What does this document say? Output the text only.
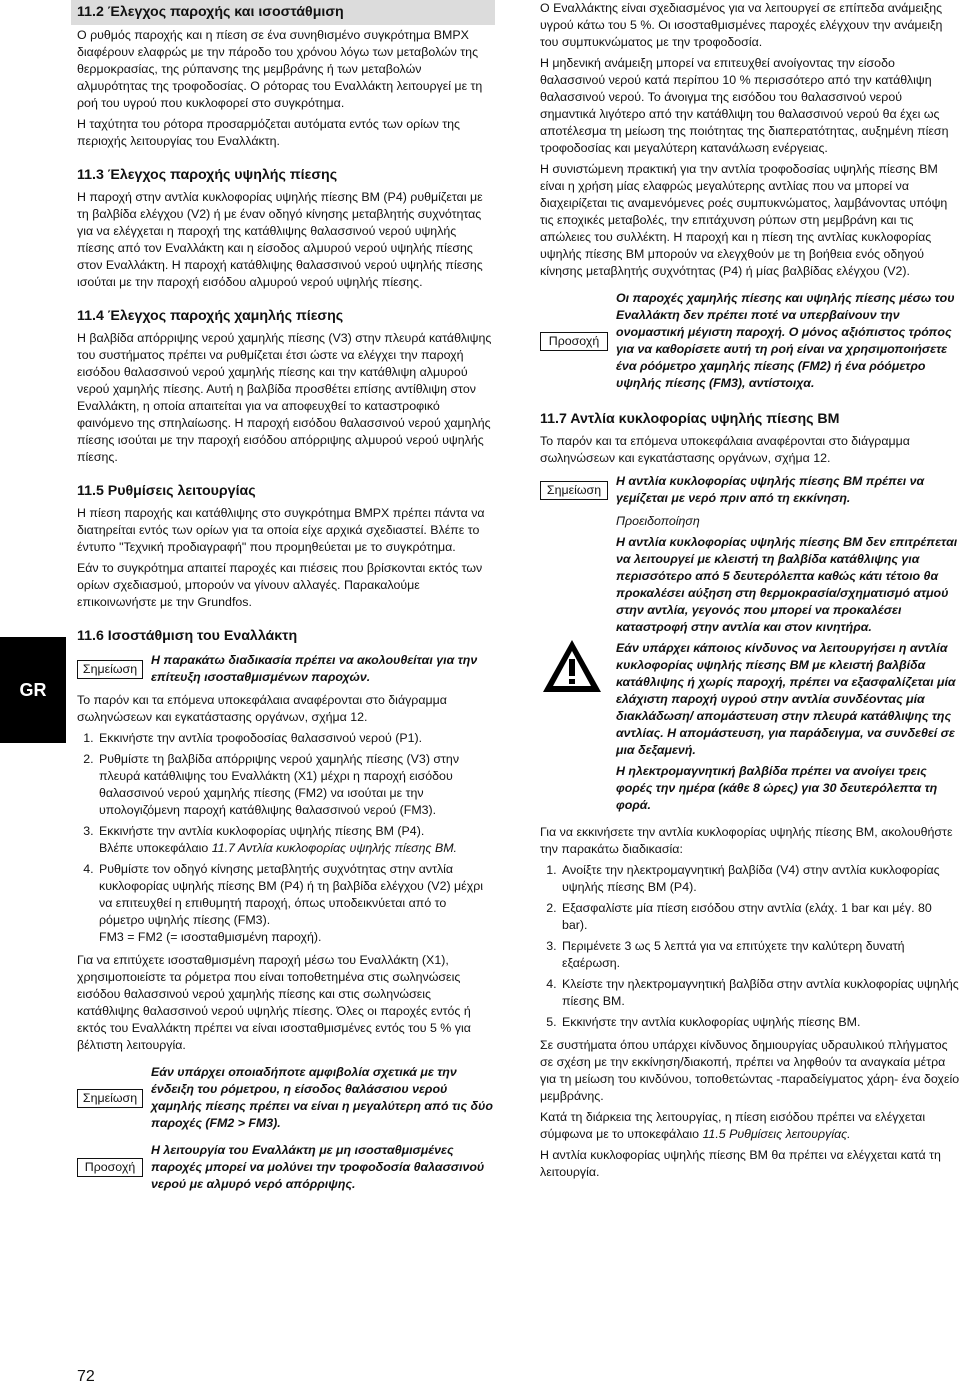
GR
11.2 Έλεγχος παροχής και ισοστάθμιση

Ο ρυθμός παροχής και η πίεση σε ένα συνηθισμένο συγκρότημα BMPX διαφέρουν ελαφρώς με την πάροδο του χρόνου λόγω των μεταβολών της θερμοκρασίας, της ρύπανσης της μεμβράνης ή των μεταβολών αλμυρότητας της τροφοδοσίας. Ο ρότορας του Εναλλάκτη λειτουργεί με τη ροή του υγρού που κυκλοφορεί στο συγκρότημα.

Η ταχύτητα του ρότορα προσαρμόζεται αυτόματα εντός των ορίων της περιοχής λειτουργίας του Εναλλάκτη.

11.3 Έλεγχος παροχής υψηλής πίεσης

Η παροχή στην αντλία κυκλοφορίας υψηλής πίεσης BM (P4) ρυθμίζεται με τη βαλβίδα ελέγχου (V2) ή με έναν οδηγό κίνησης μεταβλητής συχνότητας για να ελέγχεται η παροχή της κατάθλιψης θαλασσινού νερού υψηλής πίεσης από τον Εναλλάκτη και η είσοδος αλμυρού νερού υψηλής πίεσης στον Εναλλάκτη. Η παροχή κατάθλιψης θαλασσινού νερού υψηλής πίεσης ισούται με την παροχή εισόδου αλμυρού νερού υψηλής πίεσης.

11.4 Έλεγχος παροχής χαμηλής πίεσης

Η βαλβίδα απόρριψης νερού χαμηλής πίεσης (V3) στην πλευρά κατάθλιψης του συστήματος πρέπει να ρυθμίζεται έτσι ώστε να ελέγχει την παροχή εισόδου θαλασσινού νερού χαμηλής πίεσης και την κατάθλιψη αλμυρού νερού χαμηλής πίεσης. Αυτή η βαλβίδα προσθέτει επίσης αντίθλιψη στον Εναλλάκτη, η οποία απαιτείται για να αποφευχθεί το καταστροφικό φαινόμενο της σπηλαίωσης. Η παροχή εισόδου θαλασσινού νερού χαμηλής πίεσης ισούται με την παροχή εισόδου απόρριψης αλμυρού νερού υψηλής πίεσης.

11.5 Ρυθμίσεις λειτουργίας

Η πίεση παροχής και κατάθλιψης στο συγκρότημα BMPX πρέπει πάντα να διατηρείται εντός των ορίων για τα οποία είχε αρχικά σχεδιαστεί. Βλέπε το έντυπο "Τεχνική προδιαγραφή" που προμηθεύεται με το συγκρότημα.

Εάν το συγκρότημα απαιτεί παροχές και πιέσεις που βρίσκονται εκτός των ορίων σχεδιασμού, μπορούν να γίνουν αλλαγές. Παρακαλούμε επικοινωνήστε με την Grundfos.

11.6 Ισοστάθμιση του Εναλλάκτη
Σημείωση
Η παρακάτω διαδικασία πρέπει να ακολουθείται για την επίτευξη ισοσταθμισμένων παροχών.

Το παρόν και τα επόμενα υποκεφάλαια αναφέρονται στο διάγραμμα σωληνώσεων και εγκατάστασης οργάνων, σχήμα 12.

1. Εκκινήστε την αντλία τροφοδοσίας θαλασσινού νερού (P1).
2. Ρυθμίστε τη βαλβίδα απόρριψης νερού χαμηλής πίεσης (V3) στην πλευρά κατάθλιψης του Εναλλάκτη (X1) μέχρι η παροχή εισόδου θαλασσινού νερού χαμηλής πίεσης (FM2) να ισούται με την υπολογιζόμενη παροχή κατάθλιψης θαλασσινού νερού (FM3).
3. Εκκινήστε την αντλία κυκλοφορίας υψηλής πίεσης BM (P4).
Βλέπε υποκεφάλαιο 11.7 Αντλία κυκλοφορίας υψηλής πίεσης BM.
4. Ρυθμίστε τον οδηγό κίνησης μεταβλητής συχνότητας στην αντλία κυκλοφορίας υψηλής πίεσης BM (P4) ή τη βαλβίδα ελέγχου (V2) μέχρι να επιτευχθεί η επιθυμητή παροχή, όπως υποδεικνύεται από το ρόμετρο υψηλής πίεσης (FM3).
FM3 = FM2 (= ισοσταθμισμένη παροχή).

Για να επιτύχετε ισοσταθμισμένη παροχή μέσω του Εναλλάκτη (X1), χρησιμοποιείστε τα ρόμετρα που είναι τοποθετημένα στις σωληνώσεις εισόδου θαλασσινού νερού χαμηλής πίεσης και στις σωληνώσεις κατάθλιψης θαλασσινού νερού υψηλής πίεσης. Όλες οι παροχές εντός ή εκτός του Εναλλάκτη πρέπει να είναι ισοσταθμισμένες εντός του 5 % για βέλτιστη λειτουργία.

Σημείωση
Εάν υπάρχει οποιαδήποτε αμφιβολία σχετικά με την ένδειξη του ρόμετρου, η είσοδος θαλάσσιου νερού χαμηλής πίεσης πρέπει να είναι η μεγαλύτερη από τις δύο παροχές (FM2 > FM3).
Προσοχή
Η λειτουργία του Εναλλάκτη με μη ισοσταθμισμένες παροχές μπορεί να μολύνει την τροφοδοσία θαλασσινού νερού με αλμυρό νερό απόρριψης.

Ο Εναλλάκτης είναι σχεδιασμένος για να λειτουργεί σε επίπεδα ανάμειξης υγρού κάτω του 5 %. Οι ισοσταθμισμένες παροχές ελέγχουν την ανάμειξη του συμπυκνώματος με την τροφοδοσία.

Η μηδενική ανάμειξη μπορεί να επιτευχθεί ανοίγοντας την είσοδο θαλασσινού νερού κατά περίπου 10 % περισσότερο από την κατάθλιψη θαλασσινού νερού. Το άνοιγμα της εισόδου του θαλασσινού νερού σημαντικά λιγότερο από την κατάθλιψη του θαλασσινού νερού θα έχει ως αποτέλεσμα τη μείωση της ποιότητας της διαπερατότητας, αυξημένη πίεση τροφοδοσίας και μεγαλύτερη κατανάλωση ενέργειας.

Η συνιστώμενη πρακτική για την αντλία τροφοδοσίας υψηλής πίεσης BM είναι η χρήση μίας ελαφρώς μεγαλύτερης αντλίας που να μπορεί να διαχειρίζεται τις αναμενόμενες ροές συμπυκνώματος, λαμβάνοντας υπόψη τις εποχικές μεταβολές, την επιτάχυνση ρύπων στη μεμβράνη και τις απώλειες του συλλέκτη. Η παροχή και η πίεση της αντλίας κυκλοφορίας υψηλής πίεσης BM μπορούν να ελεγχθούν με τη βοήθεια ενός οδηγού κίνησης μεταβλητής συχνότητας (P4) ή μίας βαλβίδας ελέγχου (V2).

Προσοχή
Οι παροχές χαμηλής πίεσης και υψηλής πίεσης μέσω του Εναλλάκτη δεν πρέπει ποτέ να υπερβαίνουν την ονομαστική μέγιστη παροχή. Ο μόνος αξιόπιστος τρόπος για να καθορίσετε αυτή τη ροή είναι να χρησιμοποιήσετε ένα ρόόμετρο χαμηλής πίεσης (FM2) ή ένα ρόόμετρο υψηλής πίεσης (FM3), αντίστοιχα.
11.7 Αντλία κυκλοφορίας υψηλής πίεσης BM

Το παρόν και τα επόμενα υποκεφάλαια αναφέρονται στο διάγραμμα σωληνώσεων και εγκατάστασης οργάνων, σχήμα 12.

Σημείωση
Η αντλία κυκλοφορίας υψηλής πίεσης BM πρέπει να γεμίζεται με νερό πριν από τη εκκίνηση.

Προειδοποίηση

Η αντλία κυκλοφορίας υψηλής πίεσης BM δεν επιτρέπεται να λειτουργεί με κλειστή τη βαλβίδα κατάθλιψης για περισσότερο από 5 δευτερόλεπτα καθώς κάτι τέτοιο θα προκαλέσει αύξηση στη θερμοκρασία/σχηματισμό ατμού στην αντλία, γεγονός που μπορεί να προκαλέσει καταστροφή στην αντλία και στον κινητήρα.

Εάν υπάρχει κάποιος κίνδυνος να λειτουργήσει η αντλία κυκλοφορίας υψηλής πίεσης BM με κλειστή βαλβίδα κατάθλιψης ή χωρίς παροχή, πρέπει να εξασφαλίζεται μία ελάχιστη παροχή υγρού στην αντλία συνδέοντας μία διακλάδωση/ απομάστευση στην πλευρά κατάθλιψης της αντλίας. Η απομάστευση, για παράδειγμα, να συνδεθεί σε μια δεξαμενή.

Η ηλεκτρομαγνητική βαλβίδα πρέπει να ανοίγει τρεις φορές την ημέρα (κάθε 8 ώρες) για 30 δευτερόλεπτα τη φορά.

Για να εκκινήσετε την αντλία κυκλοφορίας υψηλής πίεσης BM, ακολουθήστε την παρακάτω διαδικασία:

1. Ανοίξτε την ηλεκτρομαγνητική βαλβίδα (V4) στην αντλία κυκλοφορίας υψηλής πίεσης BM (P4).
2. Εξασφαλίστε μία πίεση εισόδου στην αντλία (ελάχ. 1 bar και μέγ. 80 bar).
3. Περιμένετε 3 ως 5 λεπτά για να επιτύχετε την καλύτερη δυνατή εξαέρωση.
4. Κλείστε την ηλεκτρομαγνητική βαλβίδα στην αντλία κυκλοφορίας υψηλής πίεσης BM.
5. Εκκινήστε την αντλία κυκλοφορίας υψηλής πίεσης BM.

Σε συστήματα όπου υπάρχει κίνδυνος δημιουργίας υδραυλικού πλήγματος σε σχέση με την εκκίνηση/διακοπή, πρέπει να ληφθούν τα αναγκαία μέτρα για τη μείωση του κινδύνου, τοποθετώντας -παραδείγματος χάρη- ένα δοχείο μεμβράνης.

Κατά τη διάρκεια της λειτουργίας, η πίεση εισόδου πρέπει να ελέγχεται σύμφωνα με το υποκεφάλαιο 11.5 Ρυθμίσεις λειτουργίας.

Η αντλία κυκλοφορίας υψηλής πίεσης BM θα πρέπει να ελέγχεται κατά τη λειτουργία.

72
